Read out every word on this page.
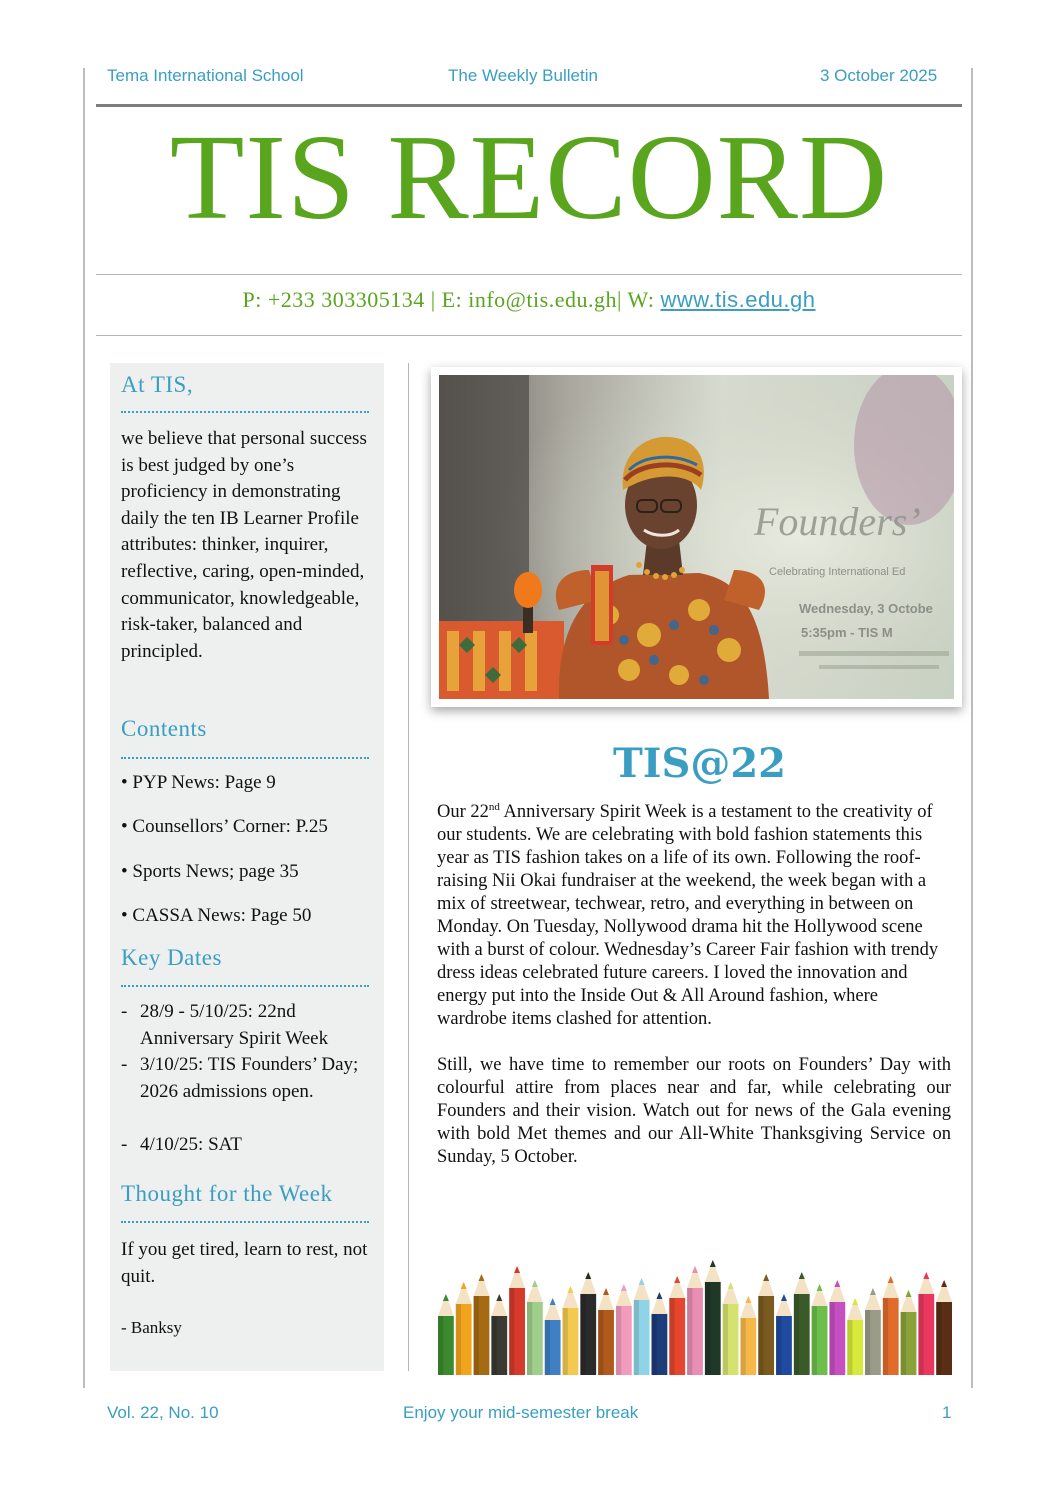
Tema International School	The Weekly Bulletin	3 October 2025
TIS RECORD
P: +233 303305134 | E: info@tis.edu.gh| W: www.tis.edu.gh
At TIS,
we believe that personal success is best judged by one’s proficiency in demonstrating daily the ten IB Learner Profile attributes: thinker, inquirer, reflective, caring, open-minded, communicator, knowledgeable, risk-taker, balanced and principled.
Contents
• PYP News: Page 9
• Counsellors’ Corner: P.25
• Sports News; page 35
• CASSA News: Page 50
Key Dates
- 28/9 - 5/10/25: 22nd Anniversary Spirit Week
- 3/10/25: TIS Founders’ Day; 2026 admissions open.
- 4/10/25: SAT
Thought for the Week
If you get tired, learn to rest, not quit.
- Banksy
Founders’
Celebrating International Ed
Wednesday, 3 Octobe
5:35pm - TIS M
TIS@22

Our 22nd Anniversary Spirit Week is a testament to the creativity of our students. We are celebrating with bold fashion statements this year as TIS fashion takes on a life of its own. Following the roof-raising Nii Okai fundraiser at the weekend, the week began with a mix of streetwear, techwear, retro, and everything in between on Monday. On Tuesday, Nollywood drama hit the Hollywood scene with a burst of colour. Wednesday’s Career Fair fashion with trendy dress ideas celebrated future careers. I loved the innovation and energy put into the Inside Out & All Around fashion, where wardrobe items clashed for attention.

Still, we have time to remember our roots on Founders’ Day with colourful attire from places near and far, while celebrating our Founders and their vision. Watch out for news of the Gala evening with bold Met themes and our All-White Thanksgiving Service on Sunday, 5 October.

Vol. 22, No. 10	Enjoy your mid-semester break	1
